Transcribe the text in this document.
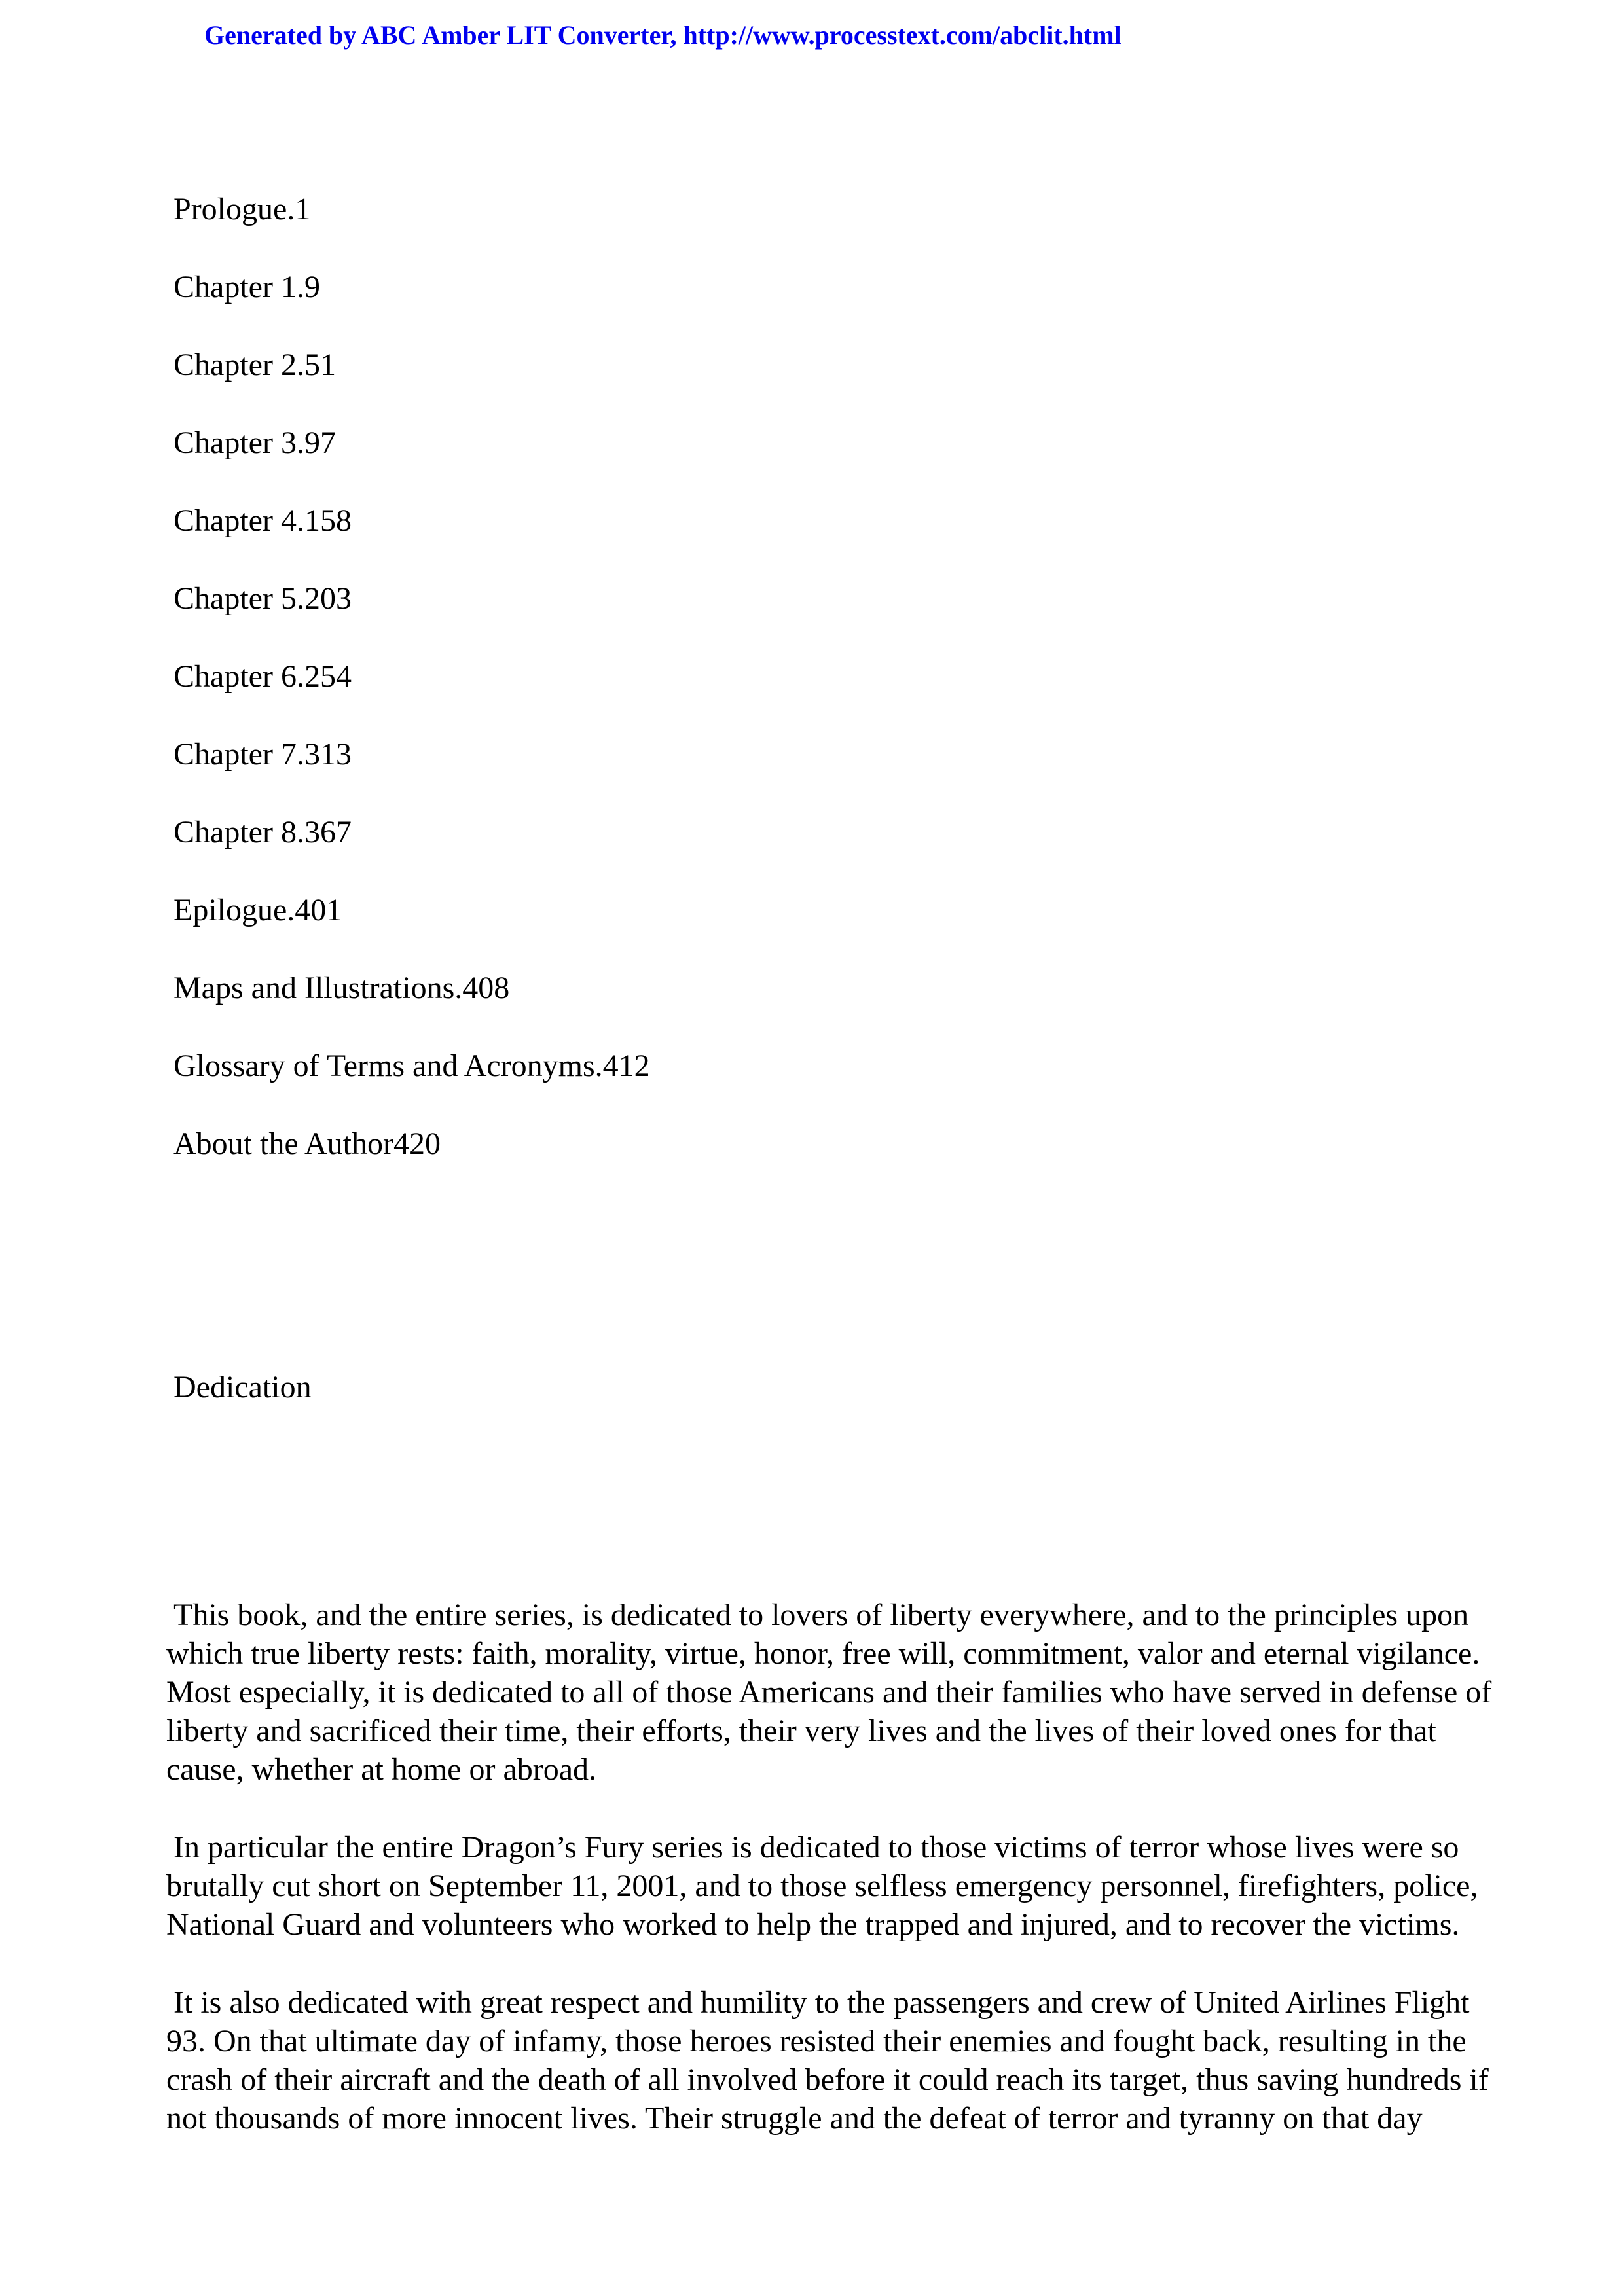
Generated by ABC Amber LIT Converter, http://www.processtext.com/abclit.html
Prologue.1
Chapter 1.9
Chapter 2.51
Chapter 3.97
Chapter 4.158
Chapter 5.203
Chapter 6.254
Chapter 7.313
Chapter 8.367
Epilogue.401
Maps and Illustrations.408
Glossary of Terms and Acronyms.412
About the Author420
Dedication

This book, and the entire series, is dedicated to lovers of liberty everywhere, and to the principles upon
which true liberty rests: faith, morality, virtue, honor, free will, commitment, valor and eternal vigilance.
Most especially, it is dedicated to all of those Americans and their families who have served in defense of
liberty and sacrificed their time, their efforts, their very lives and the lives of their loved ones for that
cause, whether at home or abroad.

In particular the entire Dragon’s Fury series is dedicated to those victims of terror whose lives were so
brutally cut short on September 11, 2001, and to those selfless emergency personnel, firefighters, police,
National Guard and volunteers who worked to help the trapped and injured, and to recover the victims.

It is also dedicated with great respect and humility to the passengers and crew of United Airlines Flight
93. On that ultimate day of infamy, those heroes resisted their enemies and fought back, resulting in the
crash of their aircraft and the death of all involved before it could reach its target, thus saving hundreds if
not thousands of more innocent lives. Their struggle and the defeat of terror and tyranny on that day
